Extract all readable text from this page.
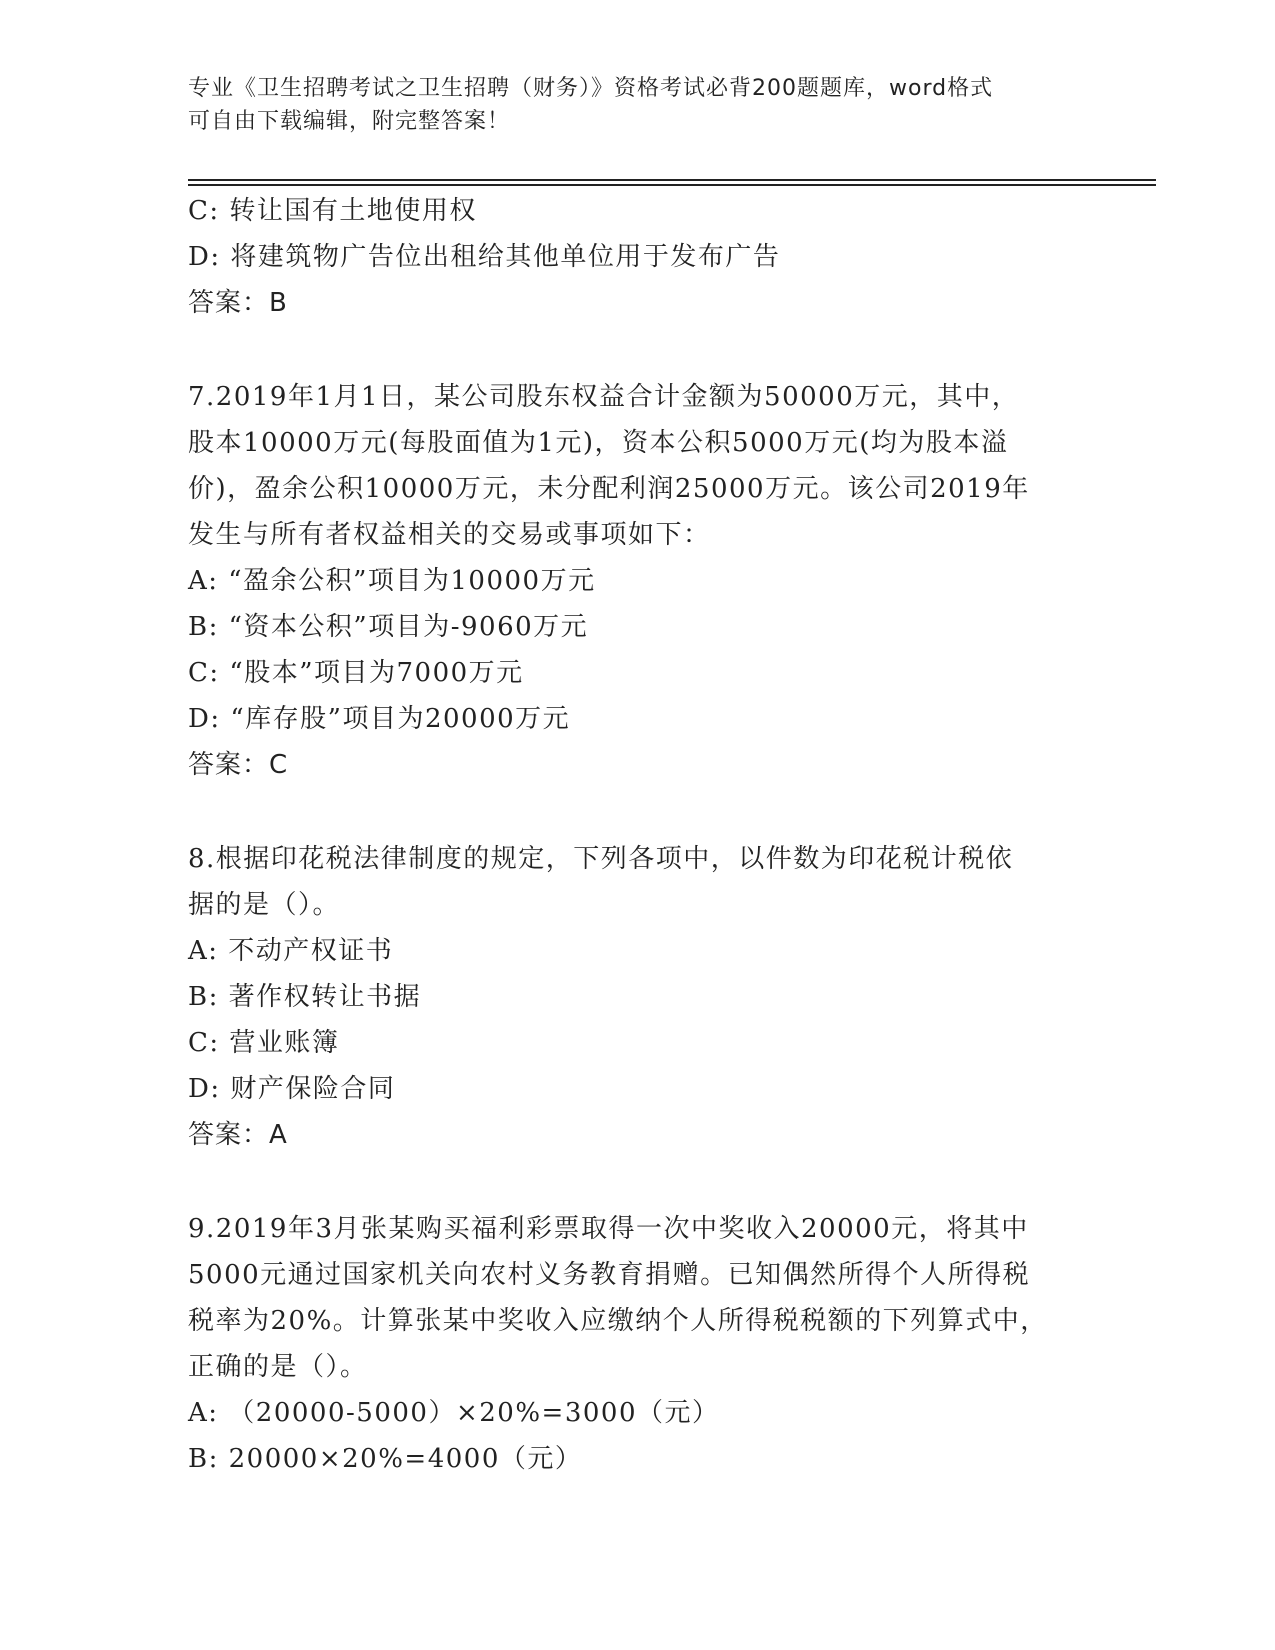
专业《卫生招聘考试之卫生招聘（财务）》资格考试必背200题题库，word格式
可自由下载编辑，附完整答案！
C: 转让国有土地使用权
D: 将建筑物广告位出租给其他单位用于发布广告
答案：B
7.2019年1月1日，某公司股东权益合计金额为50000万元，其中，
股本10000万元(每股面值为1元)，资本公积5000万元(均为股本溢
价)，盈余公积10000万元，未分配利润25000万元。该公司2019年
发生与所有者权益相关的交易或事项如下：
A: “盈余公积”项目为10000万元
B: “资本公积”项目为-9060万元
C: “股本”项目为7000万元
D: “库存股”项目为20000万元
答案：C
8.根据印花税法律制度的规定，下列各项中，以件数为印花税计税依
据的是（）。
A: 不动产权证书
B: 著作权转让书据
C: 营业账簿
D: 财产保险合同
答案：A
9.2019年3月张某购买福利彩票取得一次中奖收入20000元，将其中
5000元通过国家机关向农村义务教育捐赠。已知偶然所得个人所得税
税率为20%。计算张某中奖收入应缴纳个人所得税税额的下列算式中，
正确的是（）。
A: （20000-5000）×20%=3000（元）
B: 20000×20%=4000（元）
